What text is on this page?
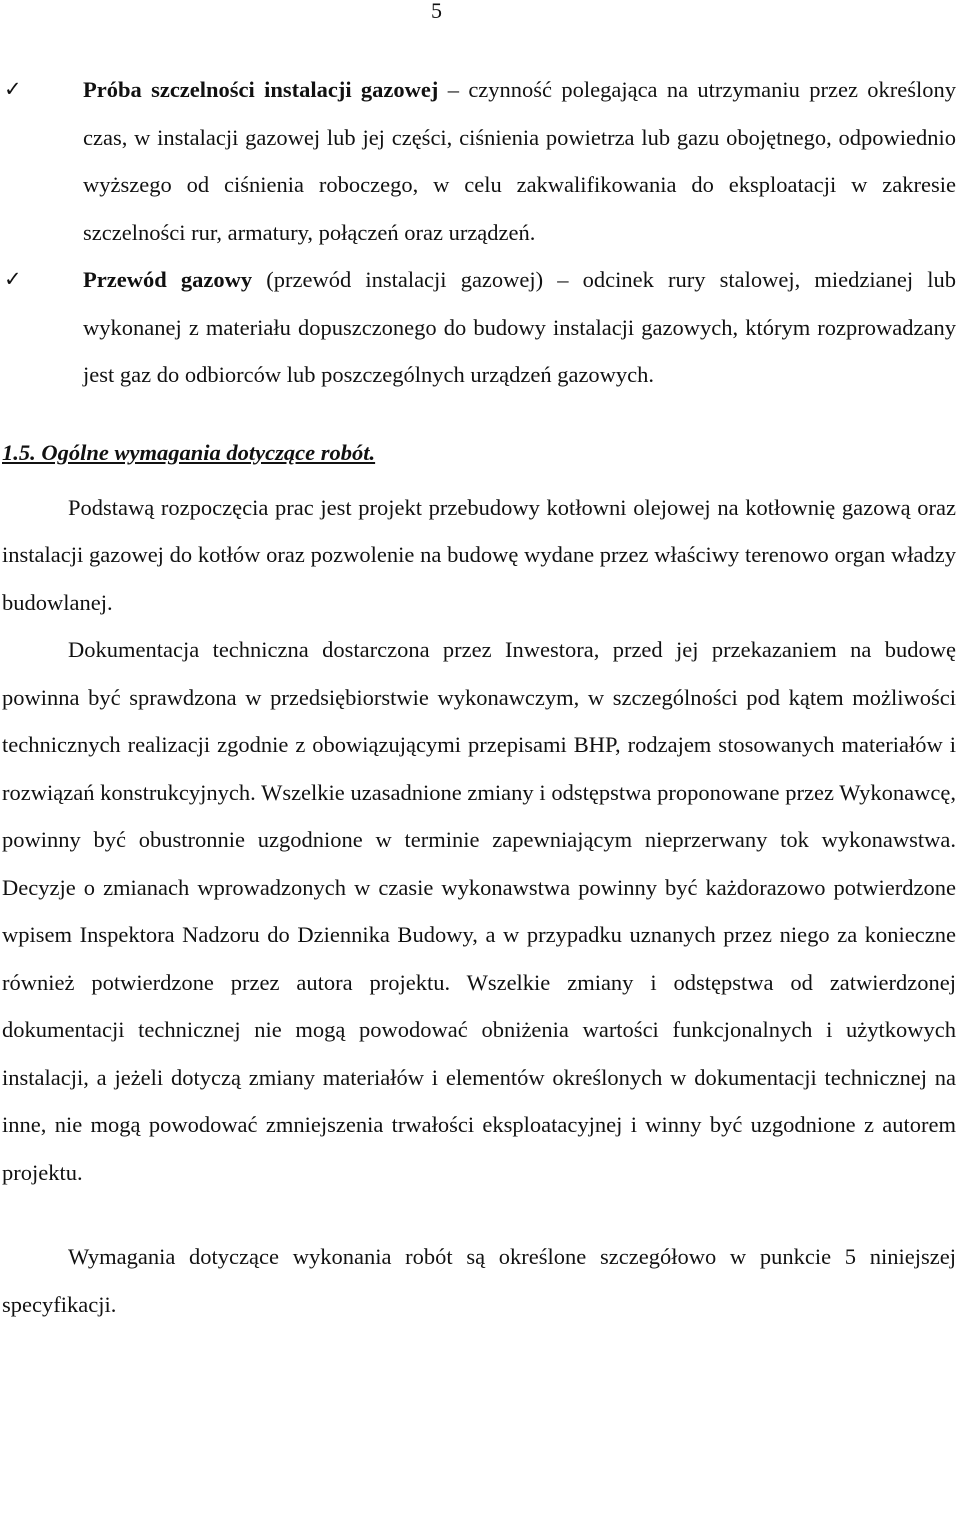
5
✓	Próba szczelności instalacji gazowej – czynność polegająca na utrzymaniu przez określony czas, w instalacji gazowej lub jej części, ciśnienia powietrza lub gazu obojętnego, odpowiednio wyższego od ciśnienia roboczego, w celu zakwalifikowania do eksploatacji w zakresie szczelności rur, armatury, połączeń oraz urządzeń.
✓	Przewód gazowy (przewód instalacji gazowej) – odcinek rury stalowej, miedzianej lub wykonanej z materiału dopuszczonego do budowy instalacji gazowych, którym rozprowadzany jest gaz do odbiorców lub poszczególnych urządzeń gazowych.
1.5. Ogólne wymagania dotyczące robót.
Podstawą rozpoczęcia prac jest projekt przebudowy kotłowni olejowej na kotłownię gazową oraz instalacji gazowej do kotłów oraz pozwolenie na budowę wydane przez właściwy terenowo organ władzy budowlanej.
Dokumentacja techniczna dostarczona przez Inwestora, przed jej przekazaniem na budowę powinna być sprawdzona w przedsiębiorstwie wykonawczym, w szczególności pod kątem możliwości technicznych realizacji zgodnie z obowiązującymi przepisami BHP, rodzajem stosowanych materiałów i rozwiązań konstrukcyjnych. Wszelkie uzasadnione zmiany i odstępstwa proponowane przez Wykonawcę, powinny być obustronnie uzgodnione w terminie zapewniającym nieprzerwany tok wykonawstwa. Decyzje o zmianach wprowadzonych w czasie wykonawstwa powinny być każdorazowo potwierdzone wpisem Inspektora Nadzoru do Dziennika Budowy, a w przypadku uznanych przez niego za konieczne również potwierdzone przez autora projektu. Wszelkie zmiany i odstępstwa od zatwierdzonej dokumentacji technicznej nie mogą powodować obniżenia wartości funkcjonalnych i użytkowych instalacji, a jeżeli dotyczą zmiany materiałów i elementów określonych w dokumentacji technicznej na inne, nie mogą powodować zmniejszenia trwałości eksploatacyjnej i winny być uzgodnione z autorem projektu.
Wymagania dotyczące wykonania robót są określone szczegółowo w punkcie 5 niniejszej specyfikacji.
